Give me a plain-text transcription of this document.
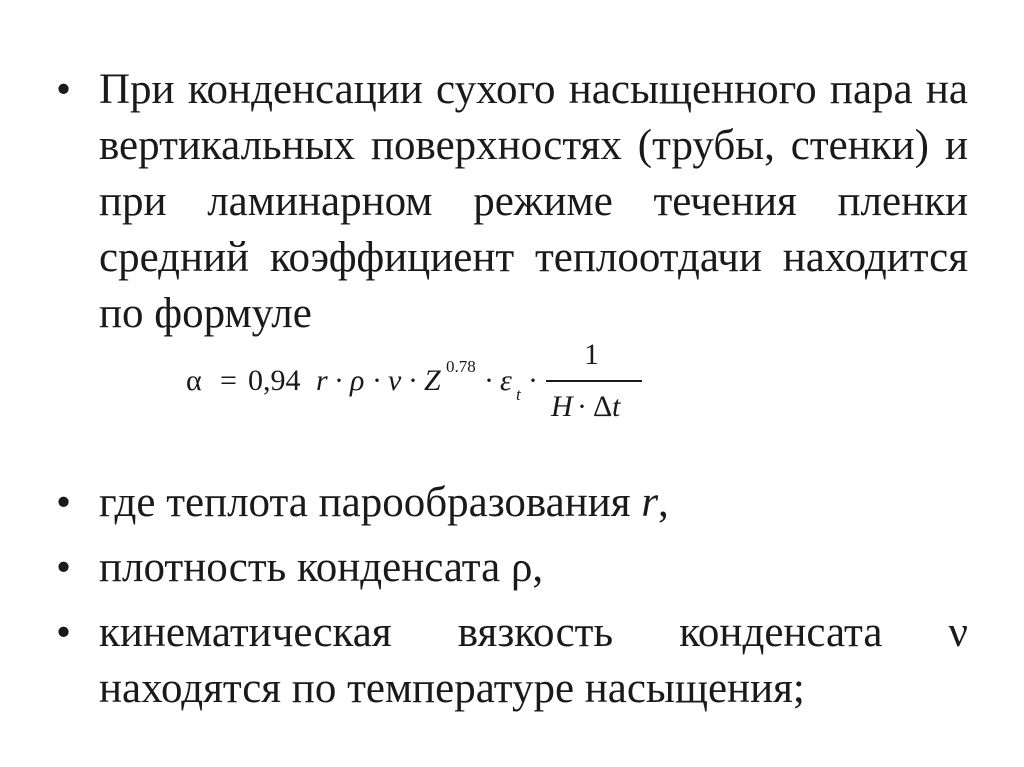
• При конденсации сухого насыщенного пара на вертикальных поверхностях (трубы, стенки) и при ламинарном режиме течения пленки средний коэффициент теплоотдачи находится по формуле
α = 0,94 r · ρ · ν · Z 0.78 · ε t ·
1
H · Δ t
• где теплота парообразования r,
• плотность конденсата ρ,
• кинематическая вязкость конденсата ν находятся по температуре насыщения;
